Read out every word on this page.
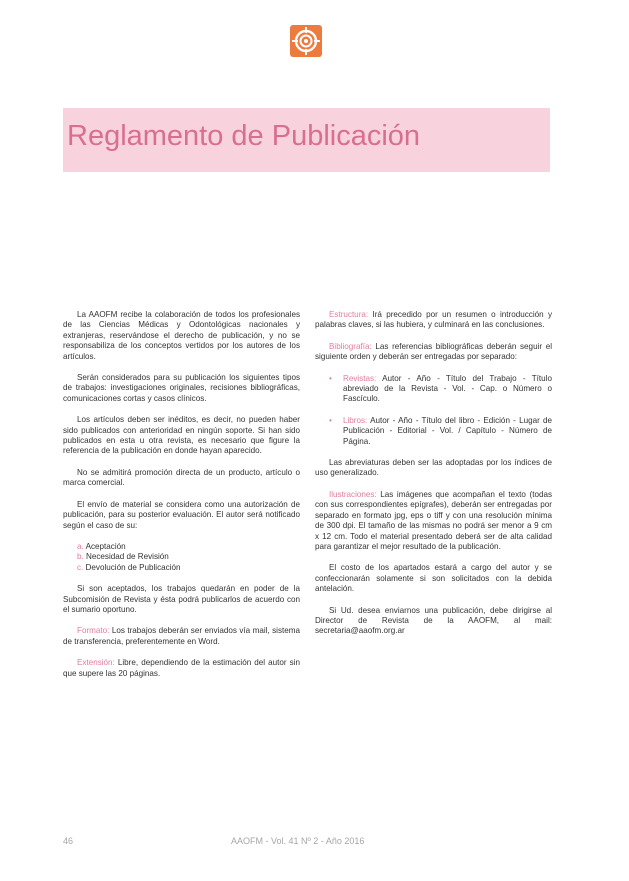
Reglamento de Publicación

La AAOFM recibe la colaboración de todos los profesionales de las Ciencias Médicas y Odontológicas nacionales y extranjeras, reservándose el derecho de publicación, y no se responsabiliza de los conceptos vertidos por los autores de los artículos.

Serán considerados para su publicación los siguientes tipos de trabajos: investigaciones originales, recisiones bibliográficas, comunicaciones cortas y casos clínicos.

Los artículos deben ser inéditos, es decir, no pueden haber sido publicados con anterioridad en ningún soporte. Si han sido publicados en esta u otra revista, es necesario que figure la referencia de la publicación en donde hayan aparecido.

No se admitirá promoción directa de un producto, artículo o marca comercial.

El envío de material se considera como una autorización de publicación, para su posterior evaluación. El autor será notificado según el caso de su:

a. Aceptación
b. Necesidad de Revisión
c. Devolución de Publicación

Si son aceptados, los trabajos quedarán en poder de la Subcomisión de Revista y ésta podrá publicarlos de acuerdo con el sumario oportuno.

Formato: Los trabajos deberán ser enviados vía mail, sistema de transferencia, preferentemente en Word.

Extensión: Libre, dependiendo de la estimación del autor sin que supere las 20 páginas.

Estructura: Irá precedido por un resumen o introducción y palabras claves, si las hubiera, y culminará en las conclusiones.

Bibliografía: Las referencias bibliográficas deberán seguir el siguiente orden y deberán ser entregadas por separado:

• Revistas: Autor - Año - Título del Trabajo - Título abreviado de la Revista - Vol. - Cap. o Número o Fascículo.
• Libros: Autor - Año - Título del libro - Edición - Lugar de Publicación - Editorial - Vol. / Capítulo - Número de Página.

Las abreviaturas deben ser las adoptadas por los índices de uso generalizado.

Ilustraciones: Las imágenes que acompañan el texto (todas con sus correspondientes epígrafes), deberán ser entregadas por separado en formato jpg, eps o tiff y con una resolución mínima de 300 dpi. El tamaño de las mismas no podrá ser menor a 9 cm x 12 cm. Todo el material presentado deberá ser de alta calidad para garantizar el mejor resultado de la publicación.

El costo de los apartados estará a cargo del autor y se confeccionarán solamente si son solicitados con la debida antelación.

Si Ud. desea enviarnos una publicación, debe dirigirse al Director de Revista de la AAOFM, al mail: secretaria@aaofm.org.ar

46	AAOFM - Vol. 41 Nº 2 - Año 2016
